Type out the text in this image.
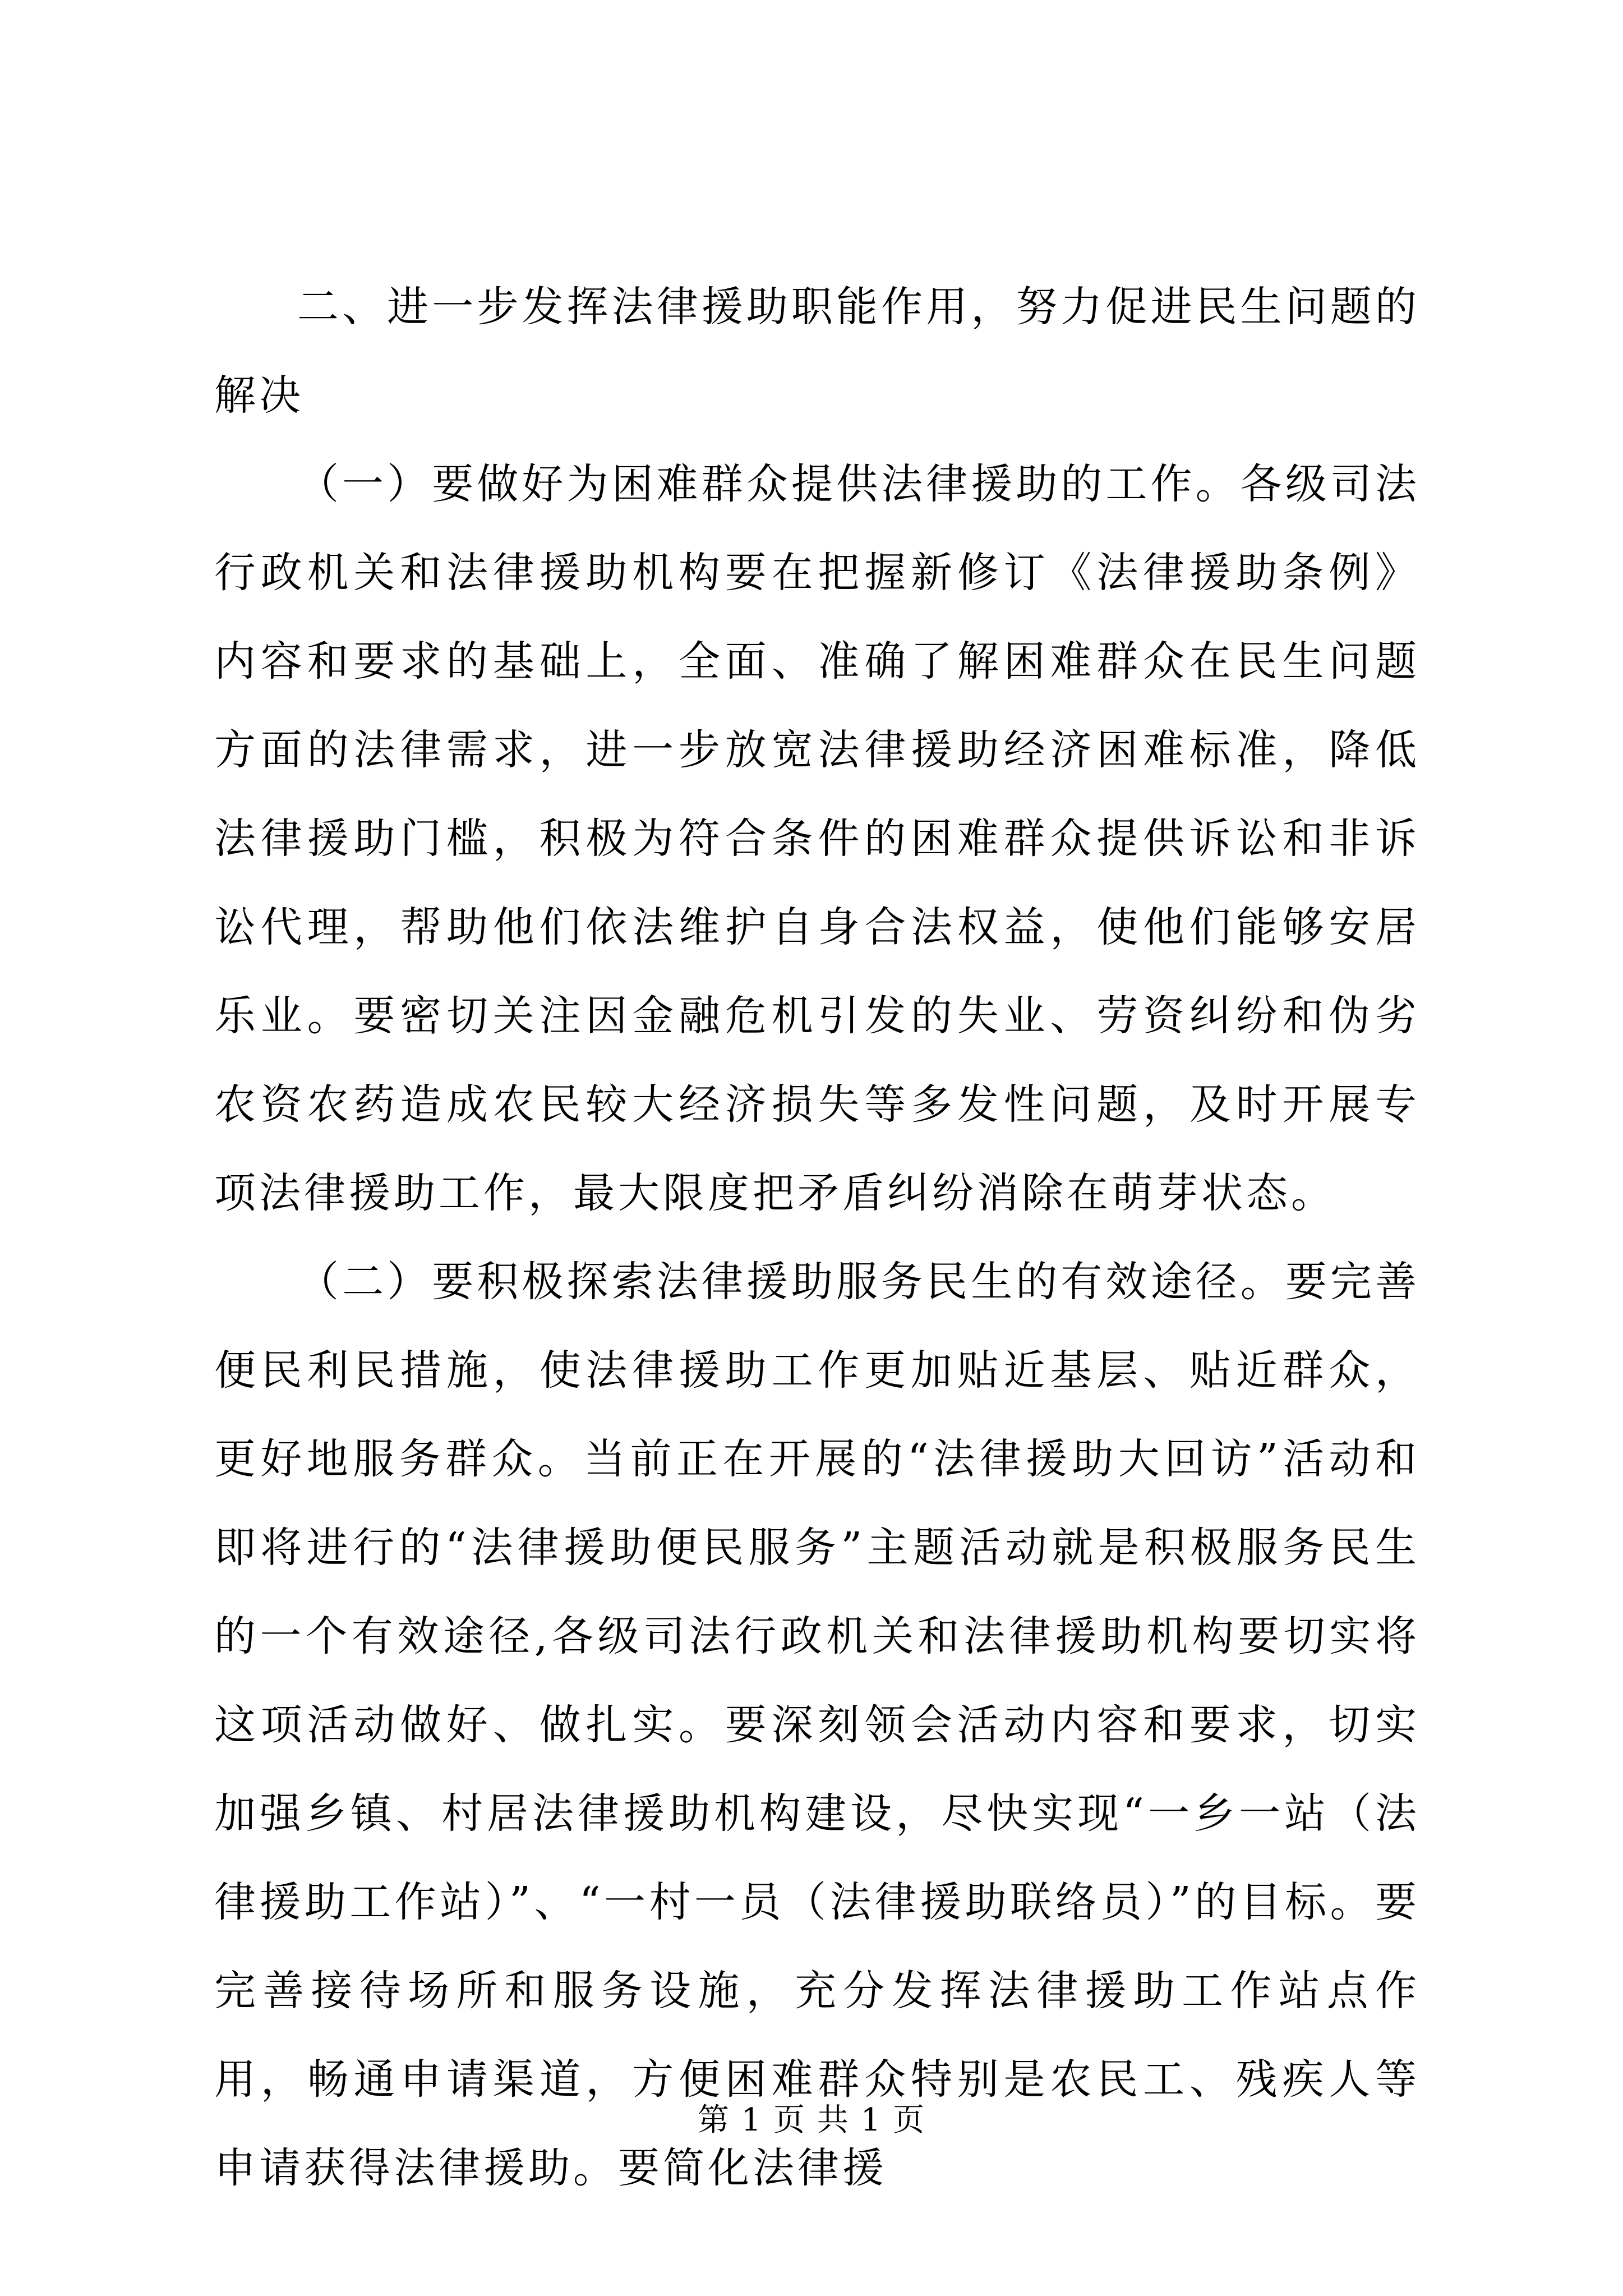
二、进一步发挥法律援助职能作用，努力促进民生问题的解决

（一）要做好为困难群众提供法律援助的工作。各级司法行政机关和法律援助机构要在把握新修订《法律援助条例》内容和要求的基础上，全面、准确了解困难群众在民生问题方面的法律需求，进一步放宽法律援助经济困难标准，降低法律援助门槛，积极为符合条件的困难群众提供诉讼和非诉讼代理，帮助他们依法维护自身合法权益，使他们能够安居乐业。要密切关注因金融危机引发的失业、劳资纠纷和伪劣农资农药造成农民较大经济损失等多发性问题，及时开展专项法律援助工作，最大限度把矛盾纠纷消除在萌芽状态。

（二）要积极探索法律援助服务民生的有效途径。要完善便民利民措施，使法律援助工作更加贴近基层、贴近群众，更好地服务群众。当前正在开展的“法律援助大回访”活动和即将进行的“法律援助便民服务”主题活动就是积极服务民生的一个有效途径,各级司法行政机关和法律援助机构要切实将这项活动做好、做扎实。要深刻领会活动内容和要求，切实加强乡镇、村居法律援助机构建设，尽快实现“一乡一站（法律援助工作站）”、“一村一员（法律援助联络员）”的目标。要完善接待场所和服务设施，充分发挥法律援助工作站点作用，畅通申请渠道，方便困难群众特别是农民工、残疾人等申请获得法律援助。要简化法律援

第 1 页 共 1 页
